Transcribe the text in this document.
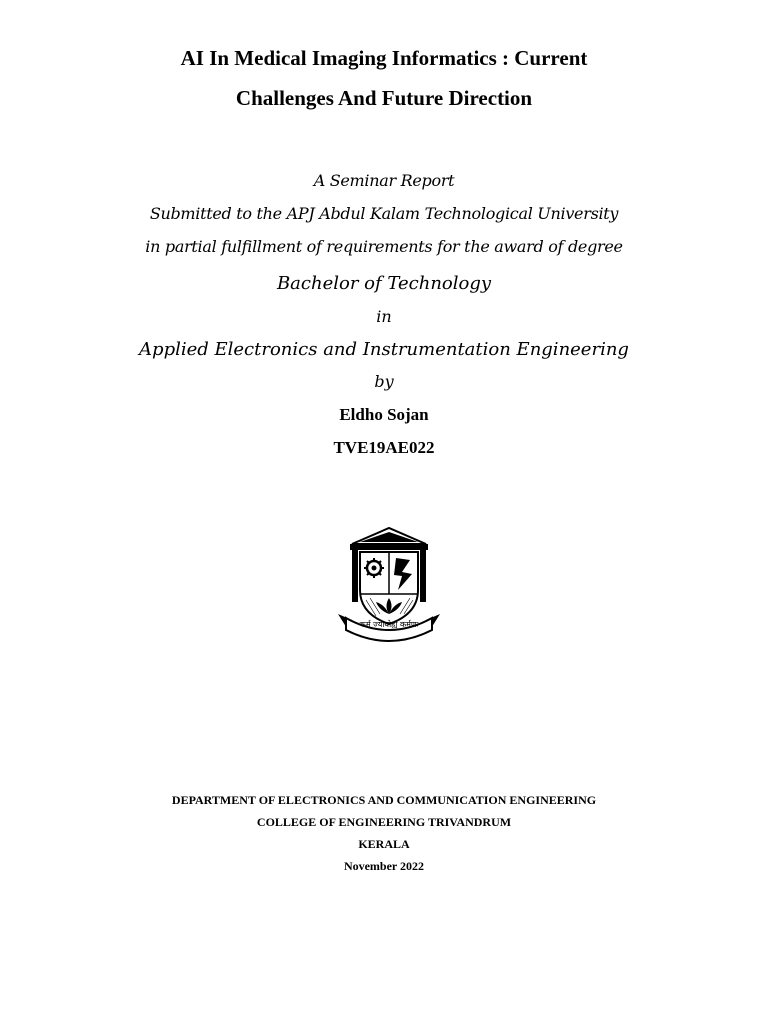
AI In Medical Imaging Informatics : Current
Challenges And Future Direction
A Seminar Report
Submitted to the APJ Abdul Kalam Technological University
in partial fulfillment of requirements for the award of degree
Bachelor of Technology
in
Applied Electronics and Instrumentation Engineering
by
Eldho Sojan
TVE19AE022
कर्म ज्यायोह्य कर्मणः
DEPARTMENT OF ELECTRONICS AND COMMUNICATION ENGINEERING
COLLEGE OF ENGINEERING TRIVANDRUM
KERALA
November 2022
